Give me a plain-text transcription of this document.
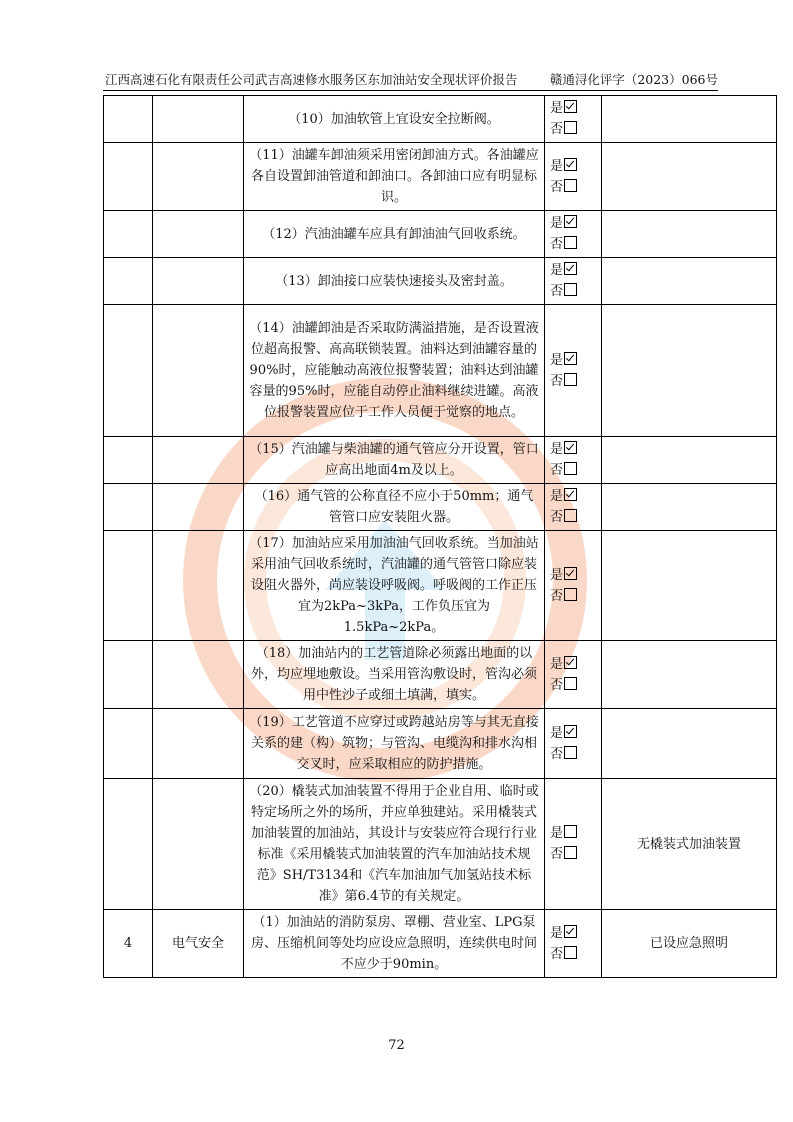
江西高速石化有限责任公司武吉高速修水服务区东加油站安全现状评价报告	赣通浔化评字（2023）066号
		（10）加油软管上宜设安全拉断阀。	是
否	

		（11）油罐车卸油须采用密闭卸油方式。各油罐应各自设置卸油管道和卸油口。各卸油口应有明显标识。	是
否	

		（12）汽油油罐车应具有卸油油气回收系统。	是
否	

		（13）卸油接口应装快速接头及密封盖。	是
否	

		（14）油罐卸油是否采取防满溢措施，是否设置液位超高报警、高高联锁装置。油料达到油罐容量的90%时，应能触动高液位报警装置；油料达到油罐容量的95%时，应能自动停止油料继续进罐。高液位报警装置应位于工作人员便于觉察的地点。	是
否	

		（15）汽油罐与柴油罐的通气管应分开设置，管口应高出地面4m及以上。	是
否	

		（16）通气管的公称直径不应小于50mm；通气管管口应安装阻火器。	是
否	

		（17）加油站应采用加油油气回收系统。当加油站采用油气回收系统时，汽油罐的通气管管口除应装设阻火器外，尚应装设呼吸阀。呼吸阀的工作正压宜为2kPa~3kPa，工作负压宜为1.5kPa~2kPa。	是
否	

		（18）加油站内的工艺管道除必须露出地面的以外，均应埋地敷设。当采用管沟敷设时，管沟必须用中性沙子或细土填满，填实。	是
否	

		（19）工艺管道不应穿过或跨越站房等与其无直接关系的建（构）筑物；与管沟、电缆沟和排水沟相交叉时，应采取相应的防护措施。	是
否	

		（20）橇装式加油装置不得用于企业自用、临时或特定场所之外的场所，并应单独建站。采用橇装式加油装置的加油站，其设计与安装应符合现行行业标准《采用橇装式加油装置的汽车加油站技术规范》SH/T3134和《汽车加油加气加氢站技术标准》第6.4节的有关规定。	是
否	无橇装式加油装置
4	电气安全	（1）加油站的消防泵房、罩棚、营业室、LPG泵房、压缩机间等处均应设应急照明，连续供电时间不应少于90min。	是
否	已设应急照明
72
